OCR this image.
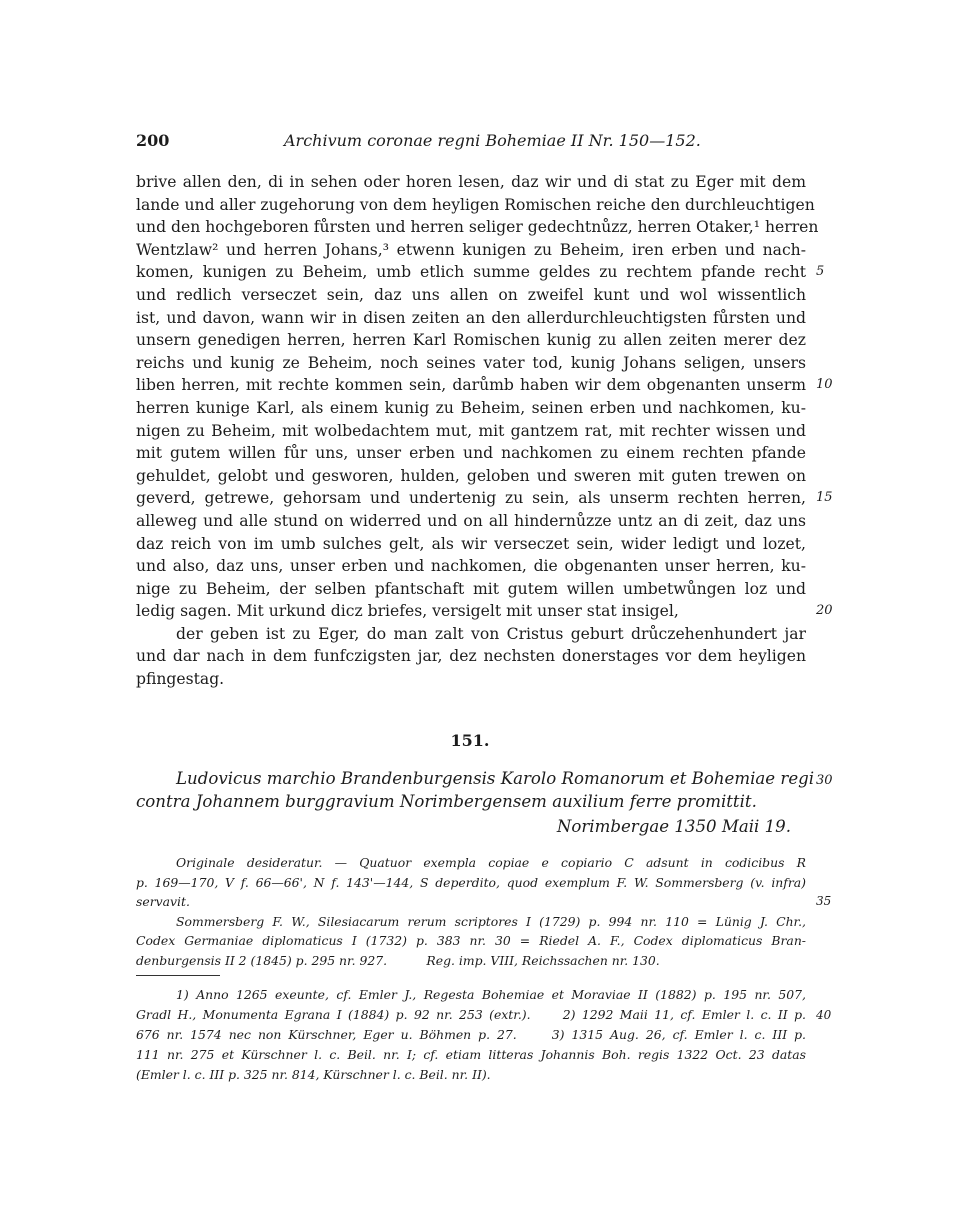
200	Archivum coronae regni Bohemiae II Nr. 150—152.
brive allen den, di in sehen oder horen lesen, daz wir und di stat zu Eger mit dem
lande und aller zugehorung von dem heyligen Romischen reiche den durchleuchtigen
und den hochgeboren fůrsten und herren seliger gedechtnůzz, herren Otaker,¹ herren
Wentzlaw² und herren Johans,³ etwenn kunigen zu Beheim, iren erben und nach-
komen, kunigen zu Beheim, umb etlich summe geldes zu rechtem pfande recht 5
und redlich verseczet sein, daz uns allen on zweifel kunt und wol wissentlich
ist, und davon, wann wir in disen zeiten an den allerdurchleuchtigsten fůrsten und
unsern genedigen herren, herren Karl Romischen kunig zu allen zeiten merer dez
reichs und kunig ze Beheim, noch seines vater tod, kunig Johans seligen, unsers
liben herren, mit rechte kommen sein, darůmb haben wir dem obgenanten unserm 10
herren kunige Karl, als einem kunig zu Beheim, seinen erben und nachkomen, ku-
nigen zu Beheim, mit wolbedachtem mut, mit gantzem rat, mit rechter wissen und
mit gutem willen fůr uns, unser erben und nachkomen zu einem rechten pfande
gehuldet, gelobt und gesworen, hulden, geloben und sweren mit guten trewen on
geverd, getrewe, gehorsam und undertenig zu sein, als unserm rechten herren, 15
alleweg und alle stund on widerred und on all hindernůzze untz an di zeit, daz uns
daz reich von im umb sulches gelt, als wir verseczet sein, wider ledigt und lozet,
und also, daz uns, unser erben und nachkomen, die obgenanten unser herren, ku-
nige zu Beheim, der selben pfantschaft mit gutem willen umbetwůngen loz und
ledig sagen. Mit urkund dicz briefes, versigelt mit unser stat insigel,	20
der geben ist zu Eger, do man zalt von Cristus geburt drůczehenhundert jar
und dar nach in dem funfczigsten jar, dez nechsten donerstages vor dem heyligen
pfingestag.
151.
Ludovicus marchio Brandenburgensis Karolo Romanorum et Bohemiae regi 30
contra Johannem burggravium Norimbergensem auxilium ferre promittit.
Norimbergae 1350 Maii 19.
Originale desideratur. — Quatuor exempla copiae e copiario C adsunt in codicibus R
p. 169—170, V f. 66—66', N f. 143'—144, S deperdito, quod exemplum F. W. Sommersberg (v. infra)
servavit.	35
Sommersberg F. W., Silesiacarum rerum scriptores I (1729) p. 994 nr. 110 = Lünig J. Chr.,
Codex Germaniae diplomaticus I (1732) p. 383 nr. 30 = Riedel A. F., Codex diplomaticus Bran-
denburgensis II 2 (1845) p. 295 nr. 927.          Reg. imp. VIII, Reichssachen nr. 130.
1) Anno 1265 exeunte, cf. Emler J., Regesta Bohemiae et Moraviae II (1882) p. 195 nr. 507,
Gradl H., Monumenta Egrana I (1884) p. 92 nr. 253 (extr.).     2) 1292 Maii 11, cf. Emler l. c. II p. 40
676 nr. 1574 nec non Kürschner, Eger u. Böhmen p. 27.     3) 1315 Aug. 26, cf. Emler l. c. III p.
111 nr. 275 et Kürschner l. c. Beil. nr. I; cf. etiam litteras Johannis Boh. regis 1322 Oct. 23 datas
(Emler l. c. III p. 325 nr. 814, Kürschner l. c. Beil. nr. II).
